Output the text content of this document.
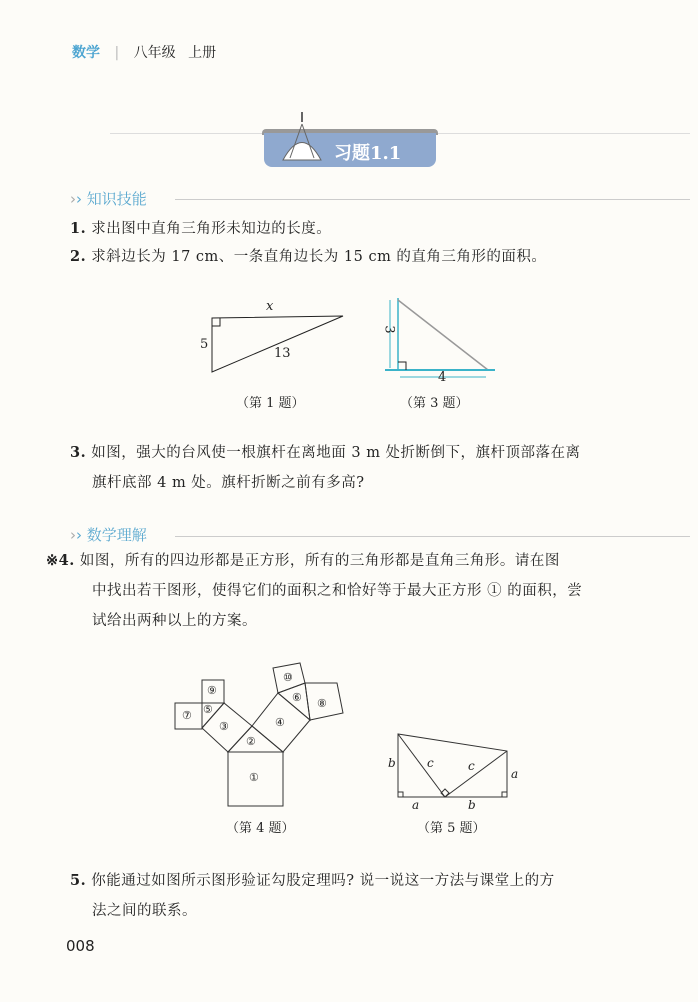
数学 | 八年级 上册
习题1.1
›› 知识技能
1. 求出图中直角三角形未知边的长度。
2. 求斜边长为 17 cm、一条直角边长为 15 cm 的直角三角形的面积。
x
5
13
3
4
（第 1 题）	（第 3 题）
3. 如图，强大的台风使一根旗杆在离地面 3 m 处折断倒下，旗杆顶部落在离
旗杆底部 4 m 处。旗杆折断之前有多高?
›› 数学理解
※4. 如图，所有的四边形都是正方形，所有的三角形都是直角三角形。请在图
中找出若干图形，使得它们的面积之和恰好等于最大正方形 ① 的面积，尝
试给出两种以上的方案。
①
②
③	④
⑤
⑥
⑦
⑧
⑨
⑩
b	c	c
a
a	b
（第 4 题）	（第 5 题）
5. 你能通过如图所示图形验证勾股定理吗? 说一说这一方法与课堂上的方
法之间的联系。
008
